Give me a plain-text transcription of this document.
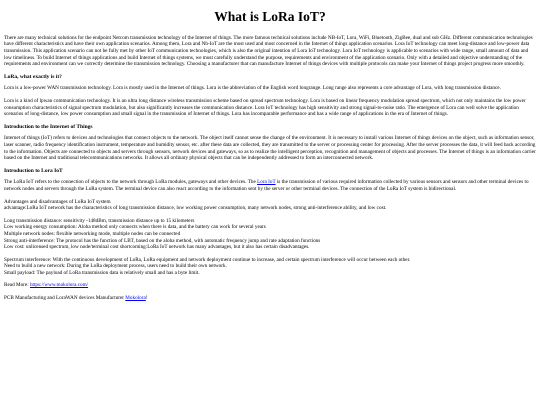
What is LoRa IoT?

There are many technical solutions for the endpoint Netcom transmission technology of the Internet of things. The more famous technical solutions include NB-IoT, Lora, WiFi, Bluetooth, ZigBee, dual and sub GHz. Different communication technologies have different characteristics and have their own application scenarios. Among them, Lora and Nb-IoT are the most used and most concerned in the Internet of things application scenarios. Lora IoT technology can meet long-distance and low-power data transmission. This application scenario can not be fully met by other IoT communication technologies, which is also the original intention of Lora IoT technology. Lora IoT technology is applicable to scenarios with wide range, small amount of data and low timeliness. To build Internet of things applications and build Internet of things systems, we must carefully understand the purpose, requirements and environment of the application scenario. Only with a detailed and objective understanding of the requirements and environment can we correctly determine the transmission technology. Choosing a manufacturer that can manufacture Internet of things devices with multiple protocols can make your Internet of things project progress more smoothly.

LoRa, what exactly is it?

Lora is a low-power WAN transmission technology. Lora is mostly used in the Internet of things. Lora is the abbreviation of the English word longrange. Long range also represents a core advantage of Lora, with long transmission distance.

Lora is a kind of lpwan communication technology. It is an ultra long distance wireless transmission scheme based on spread spectrum technology. Lora is based on linear frequency modulation spread spectrum, which not only maintains the low power consumption characteristics of signal spectrum modulation, but also significantly increases the communication distance. Lora IoT technology has high sensitivity and strong signal-to-noise ratio. The emergence of Lora can well solve the application scenarios of long-distance, low power consumption and small signal in the transmission of Internet of things. Lora has incomparable performance and has a wide range of applications in the era of Internet of things.

Introduction to the Internet of Things

Internet of things (IoT) refers to devices and technologies that connect objects to the network. The object itself cannot sense the change of the environment. It is necessary to install various Internet of things devices on the object, such as information sensor, laser scanner, radio frequency identification instrument, temperature and humidity sensor, etc. after these data are collected, they are transmitted to the server or processing center for processing. After the server processes the data, it will feed back according to the information. Objects are connected to objects and servers through sensors, network devices and gateways, so as to realize the intelligent perception, recognition and management of objects and processes. The Internet of things is an information carrier based on the Internet and traditional telecommunications networks. It allows all ordinary physical objects that can be independently addressed to form an interconnected network.

Introduction to Lora IoT

The LoRa IoT refers to the connection of objects to the network through LoRa modules, gateways and other devices. The Lora IoT is the transmission of various required information collected by various sensors and sensors and other terminal devices to network nodes and servers through the LoRa system. The terminal device can also react according to the information sent by the server or other terminal devices. The connection of the LoRa IoT system is bidirectional.

Advantages and disadvantages of LoRa IoT system
advantage:LoRa IoT network has the characteristics of long transmission distance, low working power consumption, many network nodes, strong anti-interference ability, and low cost.
Long transmission distance: sensitivity -148dBm, transmission distance up to 15 kilometers
Low working energy consumption: Aloha method only connects when there is data, and the battery can work for several years
Multiple network nodes: flexible networking mode, multiple nodes can be connected
Strong anti-interference: The protocol has the function of LBT, based on the aloha method, with automatic frequency jump and rate adaptation functions
Low cost: unlicensed spectrum, low node/terminal cost shortcoming:LoRa IoT network has many advantages, but it also has certain disadvantages.
Spectrum interference: With the continuous development of LoRa, LoRa equipment and network deployment continue to increase, and certain spectrum interference will occur between each other.
Need to build a new network: During the LoRa deployment process, users need to build their own network.
Small payload: The payload of LoRa transmission data is relatively small and has a byte limit.

Read More: https://www.mokolora.com/

PCB Manufacturing and LoraWAN devices Manufacturer Mokolora!
